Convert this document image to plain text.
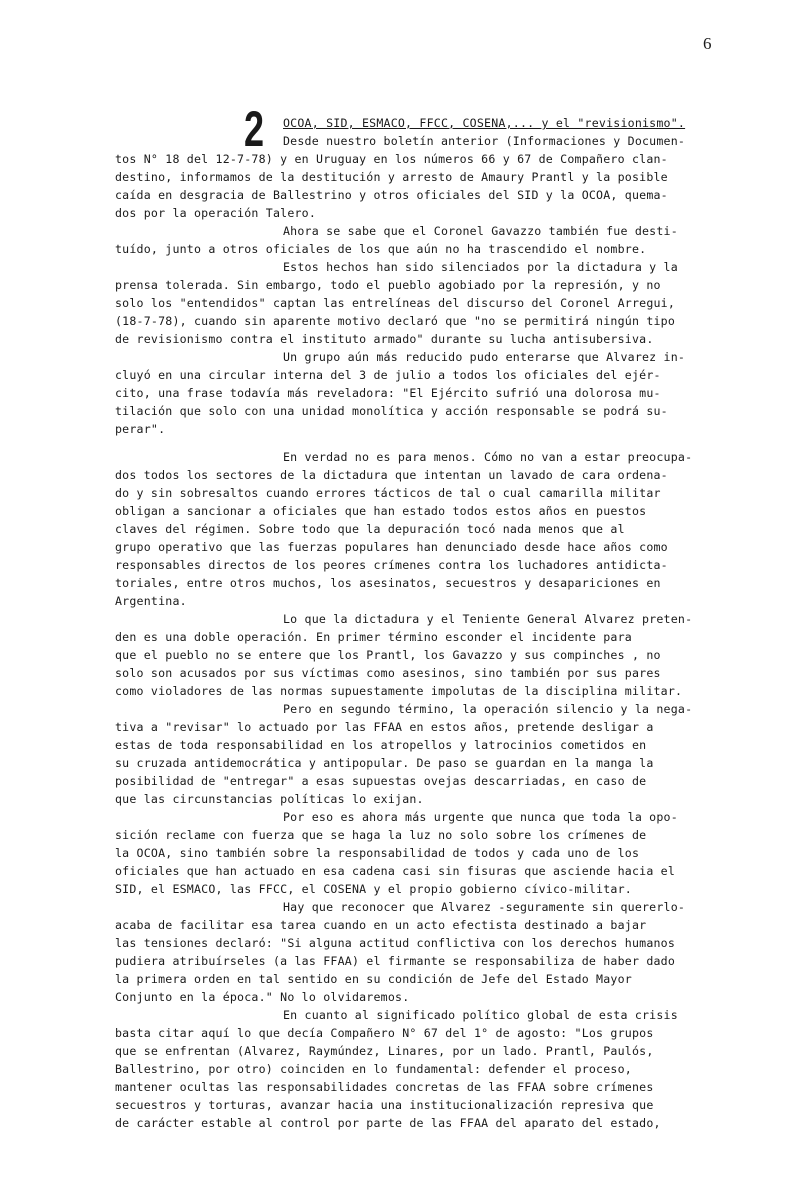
6
2 OCOA, SID, ESMACO, FFCC, COSENA,... y el "revisionismo".

Desde nuestro boletín anterior (Informaciones y Documen-

tos N° 18 del 12-7-78) y en Uruguay en los números 66 y 67 de Compañero clan-

destino, informamos de la destitución y arresto de Amaury Prantl y la posible

caída en desgracia de Ballestrino y otros oficiales del SID y la OCOA, quema-

dos por la operación Talero.

Ahora se sabe que el Coronel Gavazzo también fue desti-

tuído, junto a otros oficiales de los que aún no ha trascendido el nombre.

Estos hechos han sido silenciados por la dictadura y la

prensa tolerada. Sin embargo, todo el pueblo agobiado por la represión, y no

solo los "entendidos" captan las entrelíneas del discurso del Coronel Arregui,

(18-7-78), cuando sin aparente motivo declaró que "no se permitirá ningún tipo

de revisionismo contra el instituto armado" durante su lucha antisubersiva.

Un grupo aún más reducido pudo enterarse que Alvarez in-

cluyó en una circular interna del 3 de julio a todos los oficiales del ejér-

cito, una frase todavía más reveladora: "El Ejército sufrió una dolorosa mu-

tilación que solo con una unidad monolítica y acción responsable se podrá su-

perar".

En verdad no es para menos. Cómo no van a estar preocupa-

dos todos los sectores de la dictadura que intentan un lavado de cara ordena-

do y sin sobresaltos cuando errores tácticos de tal o cual camarilla militar

obligan a sancionar a oficiales que han estado todos estos años en puestos

claves del régimen. Sobre todo que la depuración tocó nada menos que al

grupo operativo que las fuerzas populares han denunciado desde hace años como

responsables directos de los peores crímenes contra los luchadores antidicta-

toriales, entre otros muchos, los asesinatos, secuestros y desapariciones en

Argentina.

Lo que la dictadura y el Teniente General Alvarez preten-

den es una doble operación. En primer término esconder el incidente para

que el pueblo no se entere que los Prantl, los Gavazzo y sus compinches , no

solo son acusados por sus víctimas como asesinos, sino también por sus pares

como violadores de las normas supuestamente impolutas de la disciplina militar.

Pero en segundo término, la operación silencio y la nega-

tiva a "revisar" lo actuado por las FFAA en estos años, pretende desligar a

estas de toda responsabilidad en los atropellos y latrocinios cometidos en

su cruzada antidemocrática y antipopular. De paso se guardan en la manga la

posibilidad de "entregar" a esas supuestas ovejas descarriadas, en caso de

que las circunstancias políticas lo exijan.

Por eso es ahora más urgente que nunca que toda la opo-

sición reclame con fuerza que se haga la luz no solo sobre los crímenes de

la OCOA, sino también sobre la responsabilidad de todos y cada uno de los

oficiales que han actuado en esa cadena casi sin fisuras que asciende hacia el

SID, el ESMACO, las FFCC, el COSENA y el propio gobierno cívico-militar.

Hay que reconocer que Alvarez -seguramente sin quererlo-

acaba de facilitar esa tarea cuando en un acto efectista destinado a bajar

las tensiones declaró: "Si alguna actitud conflictiva con los derechos humanos

pudiera atribuírseles (a las FFAA) el firmante se responsabiliza de haber dado

la primera orden en tal sentido en su condición de Jefe del Estado Mayor

Conjunto en la época." No lo olvidaremos.

En cuanto al significado político global de esta crisis

basta citar aquí lo que decía Compañero N° 67 del 1° de agosto: "Los grupos

que se enfrentan (Alvarez, Raymúndez, Linares, por un lado. Prantl, Paulós,

Ballestrino, por otro) coinciden en lo fundamental: defender el proceso,

mantener ocultas las responsabilidades concretas de las FFAA sobre crímenes

secuestros y torturas, avanzar hacia una institucionalización represiva que

de carácter estable al control por parte de las FFAA del aparato del estado,
